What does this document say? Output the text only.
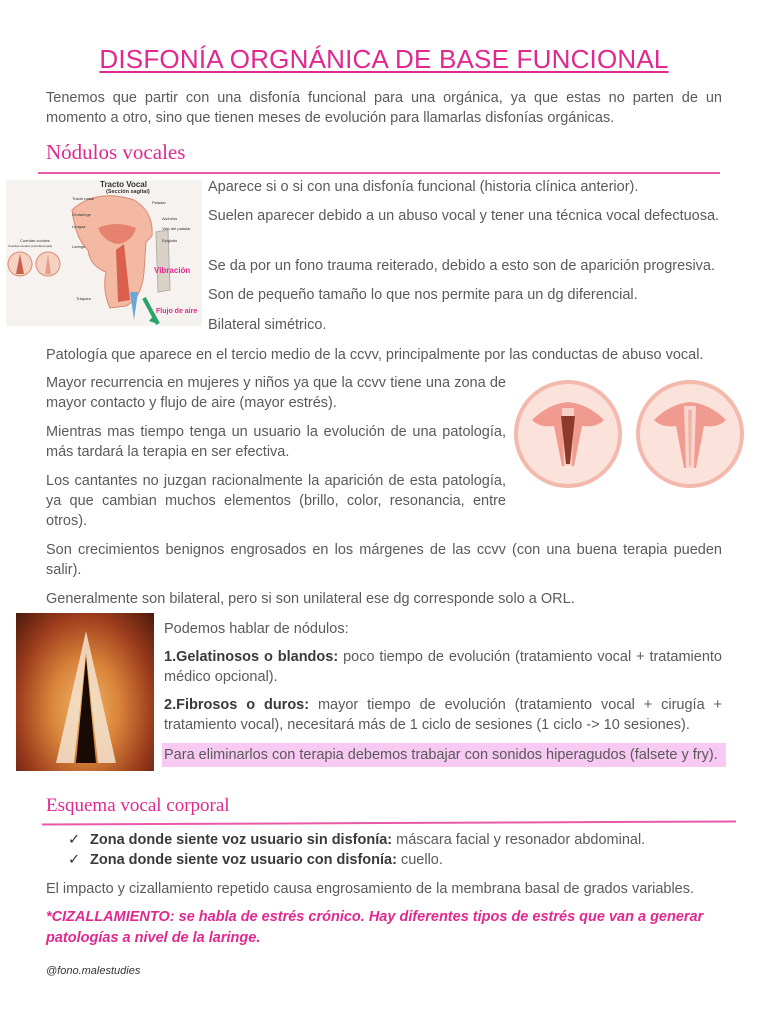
DISFONÍA ORGNÁNICA DE BASE FUNCIONAL
Tenemos que partir con una disfonía funcional para una orgánica, ya que estas no parten de un momento a otro, sino que tienen meses de evolución para llamarlas disfonías orgánicas.
Nódulos vocales
Tracto Vocal
(Sección sagital)
Tracto nasal
Paladar
Orofaringe
Alvéolos
Velo del paladar
Lengua
Epiglotis
Laringe
Cuerdas vocales
Cuerdas vocales (estroboscopía)
Tráquea
Vibración
Flujo de aire
Aparece si o si con una disfonía funcional (historia clínica anterior).
Suelen aparecer debido a un abuso vocal y tener una técnica vocal defectuosa.
Se da por un fono trauma reiterado, debido a esto son de aparición progresiva.
Son de pequeño tamaño lo que nos permite para un dg diferencial.
Bilateral simétrico.
Patología que aparece en el tercio medio de la ccvv, principalmente por las conductas de abuso vocal.
Mayor recurrencia en mujeres y niños ya que la ccvv tiene una zona de mayor contacto y flujo de aire (mayor estrés).
Mientras mas tiempo tenga un usuario la evolución de una patología, más tardará la terapia en ser efectiva.
Los cantantes no juzgan racionalmente la aparición de esta patología, ya que cambian muchos elementos (brillo, color, resonancia, entre otros).
Son crecimientos benignos engrosados en los márgenes de las ccvv (con una buena terapia pueden salir).
Generalmente son bilateral, pero si son unilateral ese dg corresponde solo a ORL.
Podemos hablar de nódulos:
1.Gelatinosos o blandos: poco tiempo de evolución (tratamiento vocal + tratamiento médico opcional).
2.Fibrosos o duros: mayor tiempo de evolución (tratamiento vocal + cirugía + tratamiento vocal), necesitará más de 1 ciclo de sesiones (1 ciclo -> 10 sesiones).
Para eliminarlos con terapia debemos trabajar con sonidos hiperagudos (falsete y fry).
Esquema vocal corporal
✓ Zona donde siente voz usuario sin disfonía: máscara facial y resonador abdominal.
✓ Zona donde siente voz usuario con disfonía: cuello.
El impacto y cizallamiento repetido causa engrosamiento de la membrana basal de grados variables.
*CIZALLAMIENTO: se habla de estrés crónico. Hay diferentes tipos de estrés que van a generar patologías a nivel de la laringe.
@fono.malestudies
